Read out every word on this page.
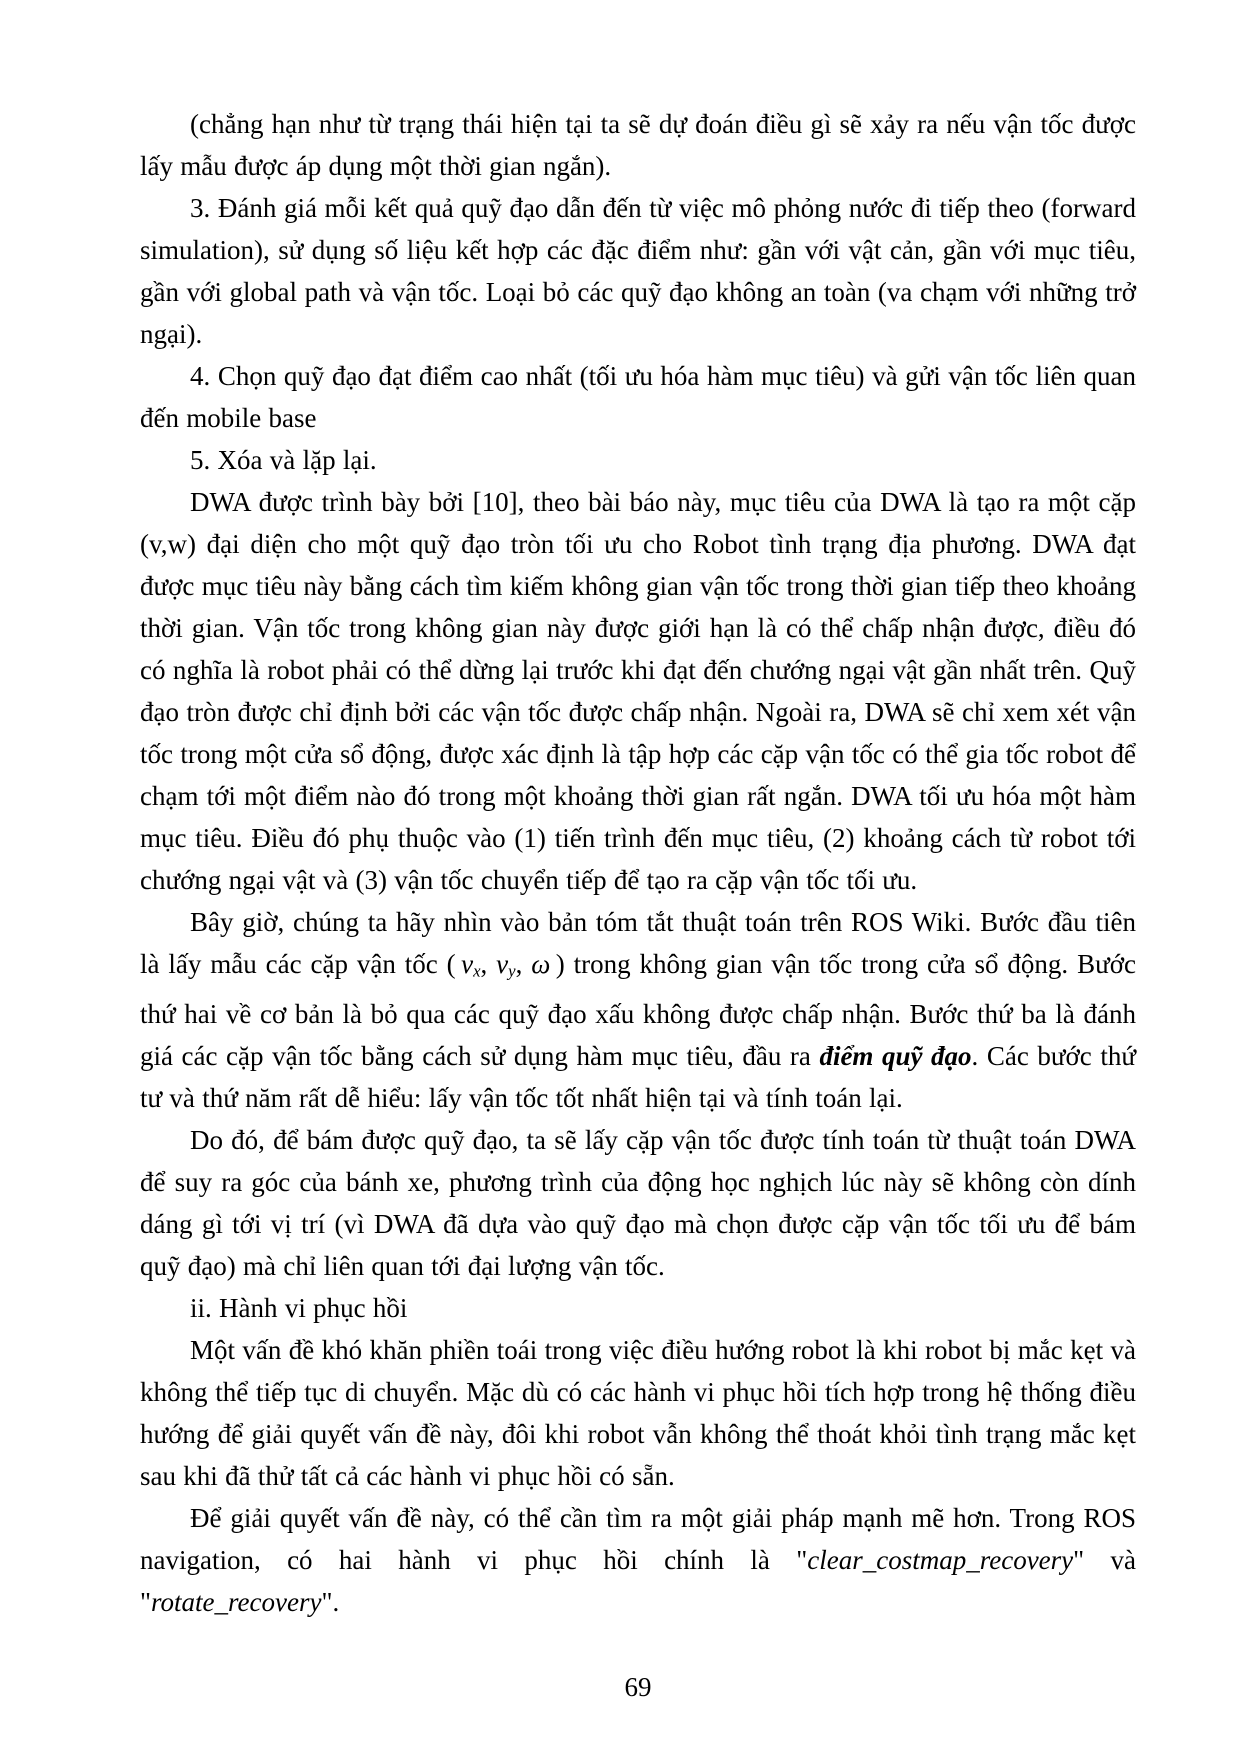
(chẳng hạn như từ trạng thái hiện tại ta sẽ dự đoán điều gì sẽ xảy ra nếu vận tốc được lấy mẫu được áp dụng một thời gian ngắn).

3. Đánh giá mỗi kết quả quỹ đạo dẫn đến từ việc mô phỏng nước đi tiếp theo (forward simulation), sử dụng số liệu kết hợp các đặc điểm như: gần với vật cản, gần với mục tiêu, gần với global path và vận tốc. Loại bỏ các quỹ đạo không an toàn (va chạm với những trở ngại).

4. Chọn quỹ đạo đạt điểm cao nhất (tối ưu hóa hàm mục tiêu) và gửi vận tốc liên quan đến mobile base

5. Xóa và lặp lại.

DWA được trình bày bởi [10], theo bài báo này, mục tiêu của DWA là tạo ra một cặp (v,w) đại diện cho một quỹ đạo tròn tối ưu cho Robot tình trạng địa phương. DWA đạt được mục tiêu này bằng cách tìm kiếm không gian vận tốc trong thời gian tiếp theo khoảng thời gian. Vận tốc trong không gian này được giới hạn là có thể chấp nhận được, điều đó có nghĩa là robot phải có thể dừng lại trước khi đạt đến chướng ngại vật gần nhất trên. Quỹ đạo tròn được chỉ định bởi các vận tốc được chấp nhận. Ngoài ra, DWA sẽ chỉ xem xét vận tốc trong một cửa sổ động, được xác định là tập hợp các cặp vận tốc có thể gia tốc robot để chạm tới một điểm nào đó trong một khoảng thời gian rất ngắn. DWA tối ưu hóa một hàm mục tiêu. Điều đó phụ thuộc vào (1) tiến trình đến mục tiêu, (2) khoảng cách từ robot tới chướng ngại vật và (3) vận tốc chuyển tiếp để tạo ra cặp vận tốc tối ưu.

Bây giờ, chúng ta hãy nhìn vào bản tóm tắt thuật toán trên ROS Wiki. Bước đầu tiên là lấy mẫu các cặp vận tốc ( vx, vy, ω ) trong không gian vận tốc trong cửa sổ động. Bước thứ hai về cơ bản là bỏ qua các quỹ đạo xấu không được chấp nhận. Bước thứ ba là đánh giá các cặp vận tốc bằng cách sử dụng hàm mục tiêu, đầu ra điểm quỹ đạo. Các bước thứ tư và thứ năm rất dễ hiểu: lấy vận tốc tốt nhất hiện tại và tính toán lại.

Do đó, để bám được quỹ đạo, ta sẽ lấy cặp vận tốc được tính toán từ thuật toán DWA để suy ra góc của bánh xe, phương trình của động học nghịch lúc này sẽ không còn dính dáng gì tới vị trí (vì DWA đã dựa vào quỹ đạo mà chọn được cặp vận tốc tối ưu để bám quỹ đạo) mà chỉ liên quan tới đại lượng vận tốc.

ii. Hành vi phục hồi

Một vấn đề khó khăn phiền toái trong việc điều hướng robot là khi robot bị mắc kẹt và không thể tiếp tục di chuyển. Mặc dù có các hành vi phục hồi tích hợp trong hệ thống điều hướng để giải quyết vấn đề này, đôi khi robot vẫn không thể thoát khỏi tình trạng mắc kẹt sau khi đã thử tất cả các hành vi phục hồi có sẵn.

Để giải quyết vấn đề này, có thể cần tìm ra một giải pháp mạnh mẽ hơn. Trong ROS navigation, có hai hành vi phục hồi chính là "clear_costmap_recovery" và "rotate_recovery".

69
